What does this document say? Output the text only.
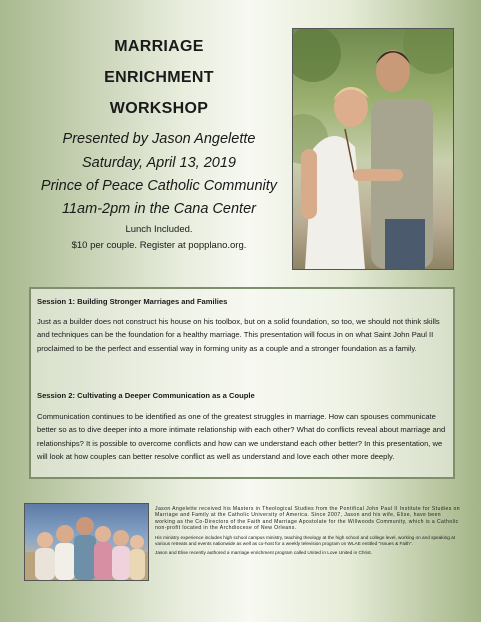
MARRIAGE
ENRICHMENT
WORKSHOP
Presented by Jason Angelette
Saturday, April 13, 2019
Prince of Peace Catholic Community
11am-2pm in the Cana Center
Lunch Included.
$10 per couple. Register at popplano.org.
Session 1: Building Stronger Marriages and Families
Just as a builder does not construct his house on his toolbox, but on a solid foundation, so too, we should not think skills and techniques can be the foundation for a healthy marriage. This presentation will focus in on what Saint John Paul II proclaimed to be the perfect and essential way in forming unity as a couple and a stronger foundation as a family.
Session 2: Cultivating a Deeper Communication as a Couple
Communication continues to be identified as one of the greatest struggles in marriage. How can spouses communicate better so as to dive deeper into a more intimate relationship with each other? What do conflicts reveal about marriage and relationships? It is possible to overcome conflicts and how can we understand each other better? In this presentation, we will look at how couples can better resolve conflict as well as understand and love each other more deeply.

Jason Angelette received his Masters in Theological Studies from the Pontifical John Paul II Institute for Studies on Marriage and Family at the Catholic University of America. Since 2007, Jason and his wife, Elise, have been working as the Co-Directors of the Faith and Marriage Apostolate for the Willwoods Community, which is a Catholic non-profit located in the Archdiocese of New Orleans.

His ministry experience includes high school campus ministry, teaching theology at the high school and college level, working on and speaking at various retreats and events nationwide as well as co-host for a weekly television program on WLAE entitled "Issues & Faith".

Jason and Elise recently authored a marriage enrichment program called United in Love United in Christ.
